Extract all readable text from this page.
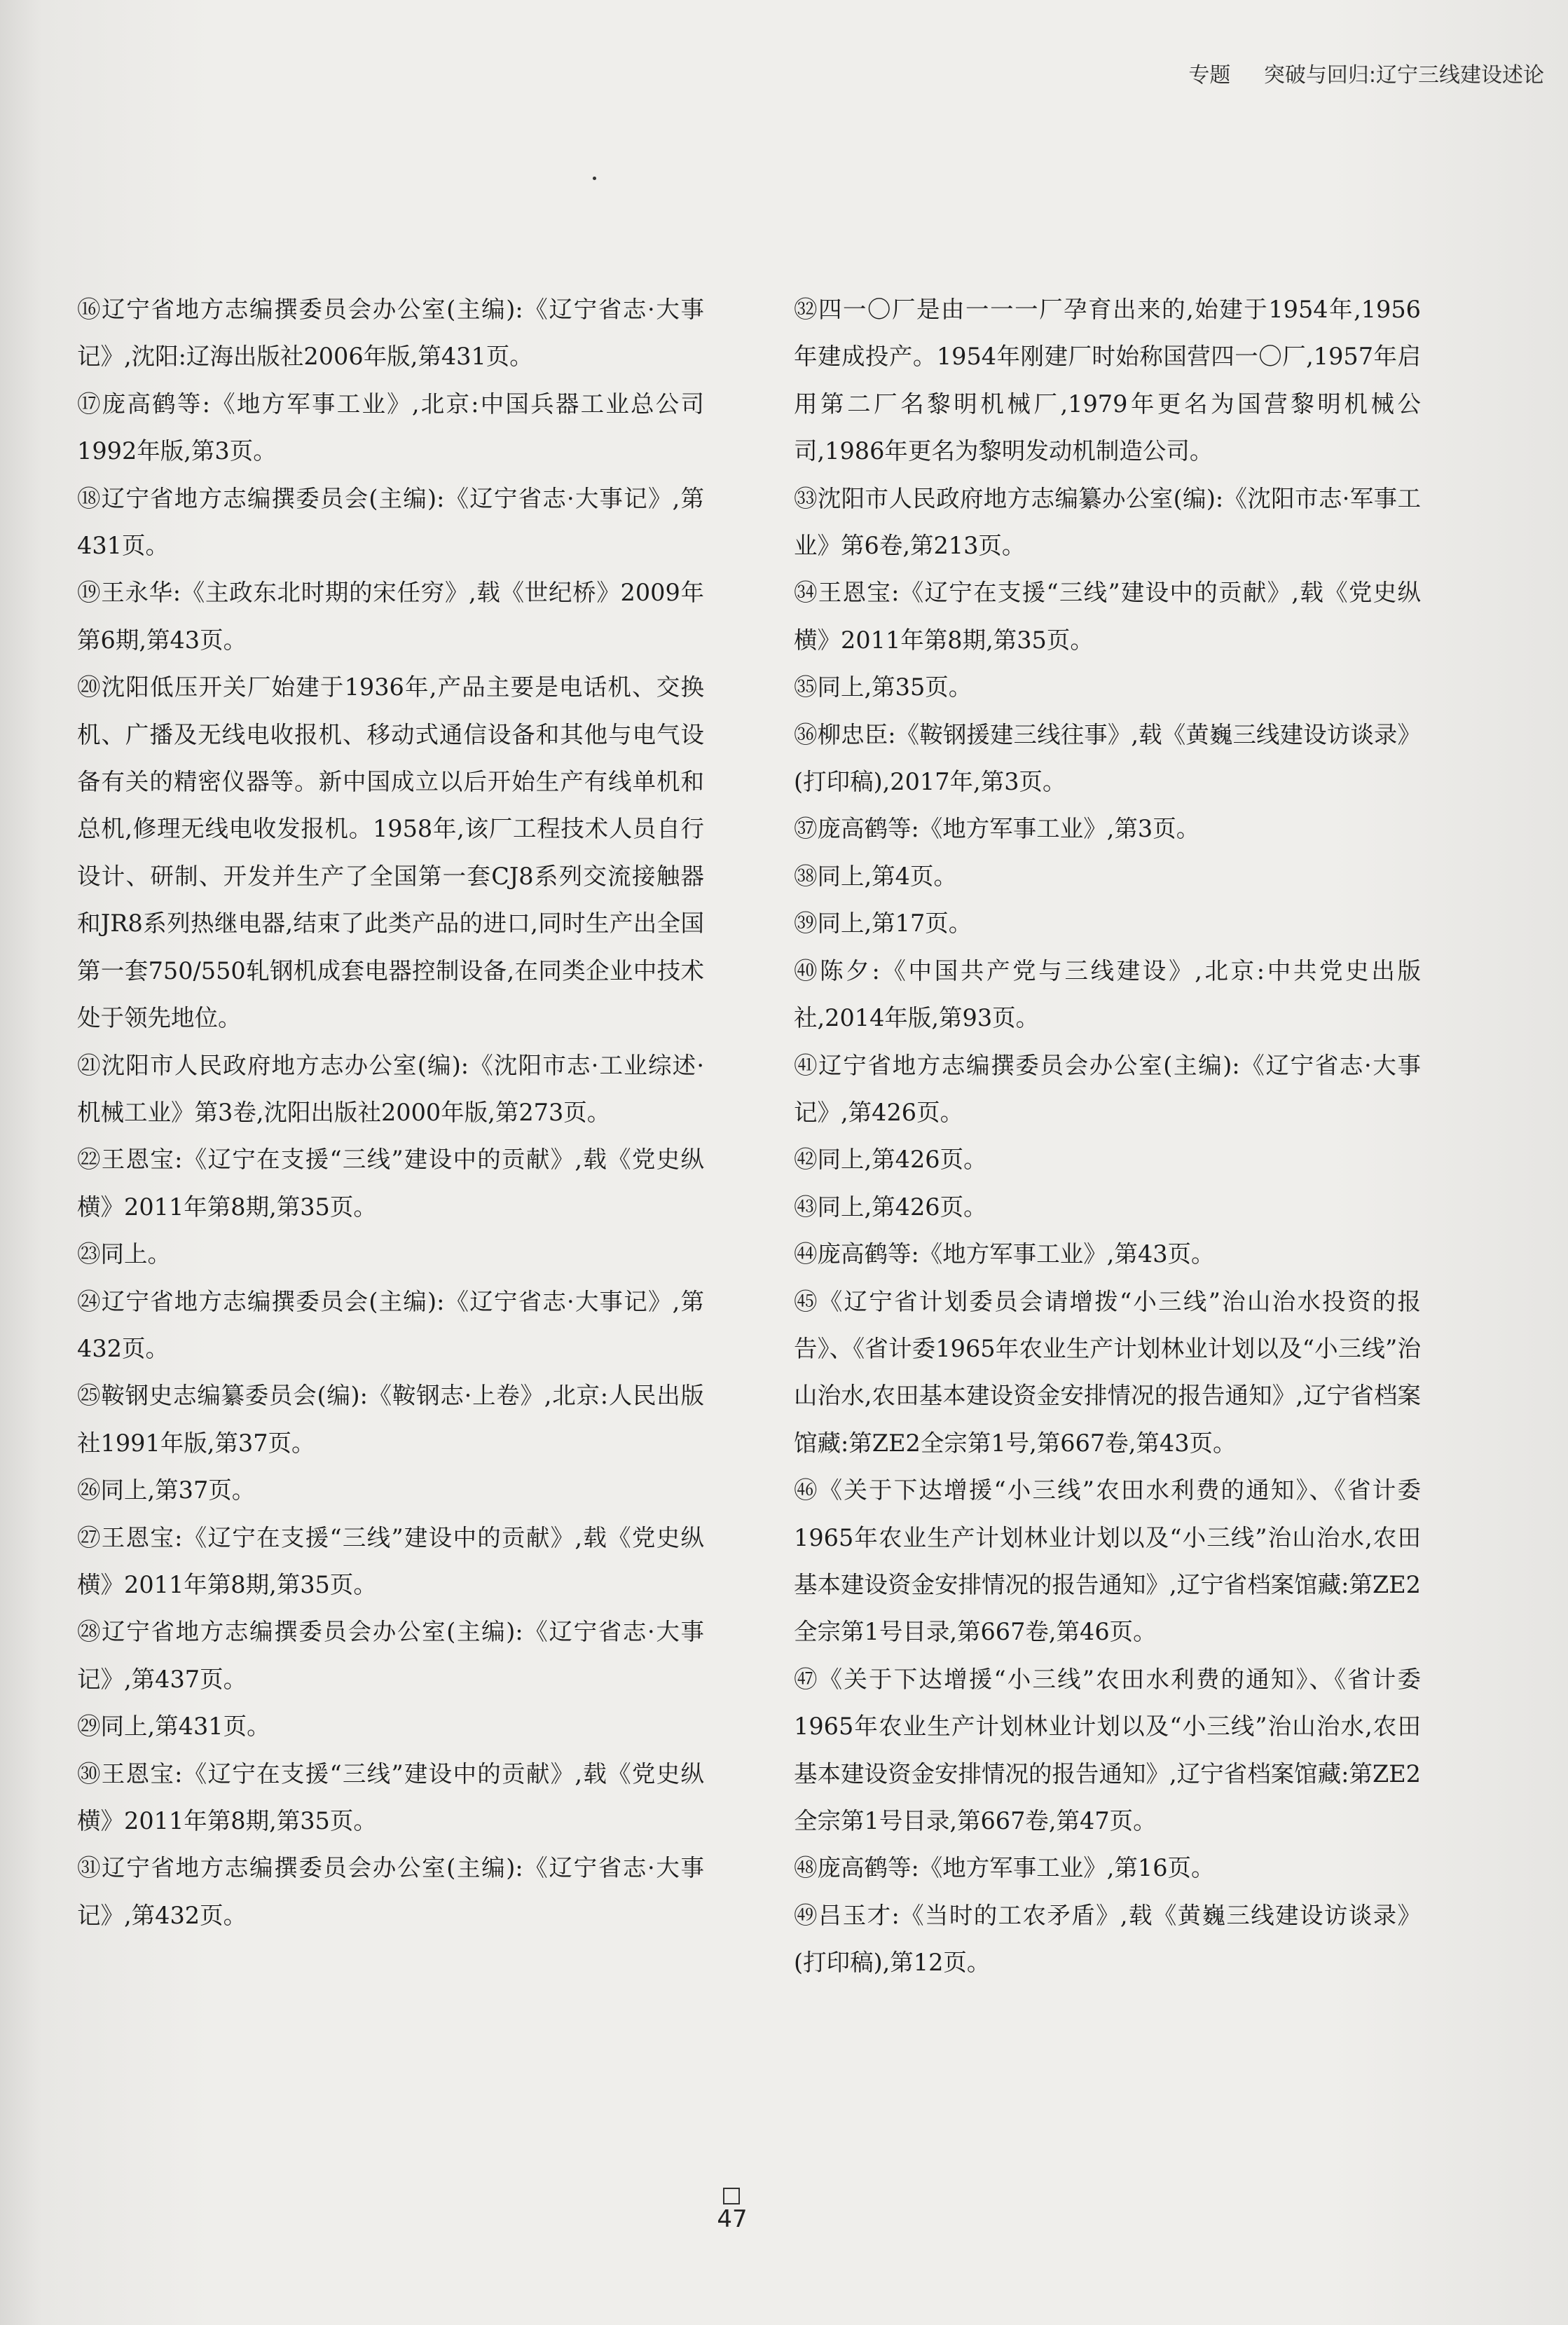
专题 突破与回归:辽宁三线建设述论

⑯辽宁省地方志编撰委员会办公室(主编):《辽宁省志·大事记》,沈阳:辽海出版社2006年版,第431页。

⑰庞高鹤等:《地方军事工业》,北京:中国兵器工业总公司1992年版,第3页。

⑱辽宁省地方志编撰委员会(主编):《辽宁省志·大事记》,第431页。

⑲王永华:《主政东北时期的宋任穷》,载《世纪桥》2009年第6期,第43页。

⑳沈阳低压开关厂始建于1936年,产品主要是电话机、交换机、广播及无线电收报机、移动式通信设备和其他与电气设备有关的精密仪器等。新中国成立以后开始生产有线单机和总机,修理无线电收发报机。1958年,该厂工程技术人员自行设计、研制、开发并生产了全国第一套CJ8系列交流接触器和JR8系列热继电器,结束了此类产品的进口,同时生产出全国第一套750/550轧钢机成套电器控制设备,在同类企业中技术处于领先地位。

㉑沈阳市人民政府地方志办公室(编):《沈阳市志·工业综述·机械工业》第3卷,沈阳出版社2000年版,第273页。

㉒王恩宝:《辽宁在支援“三线”建设中的贡献》,载《党史纵横》2011年第8期,第35页。

㉓同上。

㉔辽宁省地方志编撰委员会(主编):《辽宁省志·大事记》,第432页。

㉕鞍钢史志编纂委员会(编):《鞍钢志·上卷》,北京:人民出版社1991年版,第37页。

㉖同上,第37页。

㉗王恩宝:《辽宁在支援“三线”建设中的贡献》,载《党史纵横》2011年第8期,第35页。

㉘辽宁省地方志编撰委员会办公室(主编):《辽宁省志·大事记》,第437页。

㉙同上,第431页。

㉚王恩宝:《辽宁在支援“三线”建设中的贡献》,载《党史纵横》2011年第8期,第35页。

㉛辽宁省地方志编撰委员会办公室(主编):《辽宁省志·大事记》,第432页。

㉜四一〇厂是由一一一厂孕育出来的,始建于1954年,1956年建成投产。1954年刚建厂时始称国营四一〇厂,1957年启用第二厂名黎明机械厂,1979年更名为国营黎明机械公司,1986年更名为黎明发动机制造公司。

㉝沈阳市人民政府地方志编纂办公室(编):《沈阳市志·军事工业》第6卷,第213页。

㉞王恩宝:《辽宁在支援“三线”建设中的贡献》,载《党史纵横》2011年第8期,第35页。

㉟同上,第35页。

㊱柳忠臣:《鞍钢援建三线往事》,载《黄巍三线建设访谈录》(打印稿),2017年,第3页。

㊲庞高鹤等:《地方军事工业》,第3页。

㊳同上,第4页。

㊴同上,第17页。

㊵陈夕:《中国共产党与三线建设》,北京:中共党史出版社,2014年版,第93页。

㊶辽宁省地方志编撰委员会办公室(主编):《辽宁省志·大事记》,第426页。

㊷同上,第426页。

㊸同上,第426页。

㊹庞高鹤等:《地方军事工业》,第43页。

㊺《辽宁省计划委员会请增拨“小三线”治山治水投资的报告》、《省计委1965年农业生产计划林业计划以及“小三线”治山治水,农田基本建设资金安排情况的报告通知》,辽宁省档案馆藏:第ZE2全宗第1号,第667卷,第43页。

㊻《关于下达增援“小三线”农田水利费的通知》、《省计委1965年农业生产计划林业计划以及“小三线”治山治水,农田基本建设资金安排情况的报告通知》,辽宁省档案馆藏:第ZE2全宗第1号目录,第667卷,第46页。

㊼《关于下达增援“小三线”农田水利费的通知》、《省计委1965年农业生产计划林业计划以及“小三线”治山治水,农田基本建设资金安排情况的报告通知》,辽宁省档案馆藏:第ZE2全宗第1号目录,第667卷,第47页。

㊽庞高鹤等:《地方军事工业》,第16页。

㊾吕玉才:《当时的工农矛盾》,载《黄巍三线建设访谈录》(打印稿),第12页。

47
